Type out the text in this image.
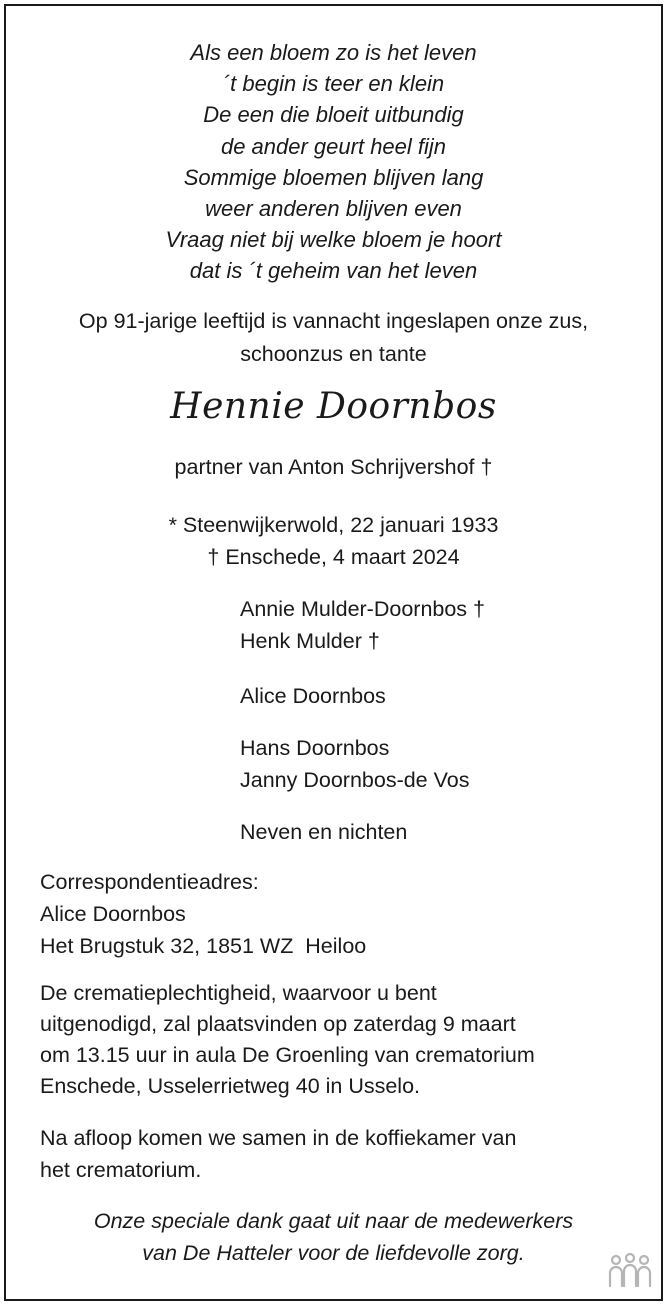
Als een bloem zo is het leven
´t begin is teer en klein
De een die bloeit uitbundig
de ander geurt heel fijn
Sommige bloemen blijven lang
weer anderen blijven even
Vraag niet bij welke bloem je hoort
dat is ´t geheim van het leven
Op 91-jarige leeftijd is vannacht ingeslapen onze zus,
schoonzus en tante
Hennie Doornbos
partner van Anton Schrijvershof †
* Steenwijkerwold, 22 januari 1933
† Enschede, 4 maart 2024
Annie Mulder-Doornbos †
Henk Mulder †
Alice Doornbos
Hans Doornbos
Janny Doornbos-de Vos
Neven en nichten
Correspondentieadres:
Alice Doornbos
Het Brugstuk 32, 1851 WZ  Heiloo
De crematieplechtigheid, waarvoor u bent
uitgenodigd, zal plaatsvinden op zaterdag 9 maart
om 13.15 uur in aula De Groenling van crematorium
Enschede, Usselerrietweg 40 in Usselo.
Na afloop komen we samen in de koffiekamer van
het crematorium.
Onze speciale dank gaat uit naar de medewerkers
van De Hatteler voor de liefdevolle zorg.
